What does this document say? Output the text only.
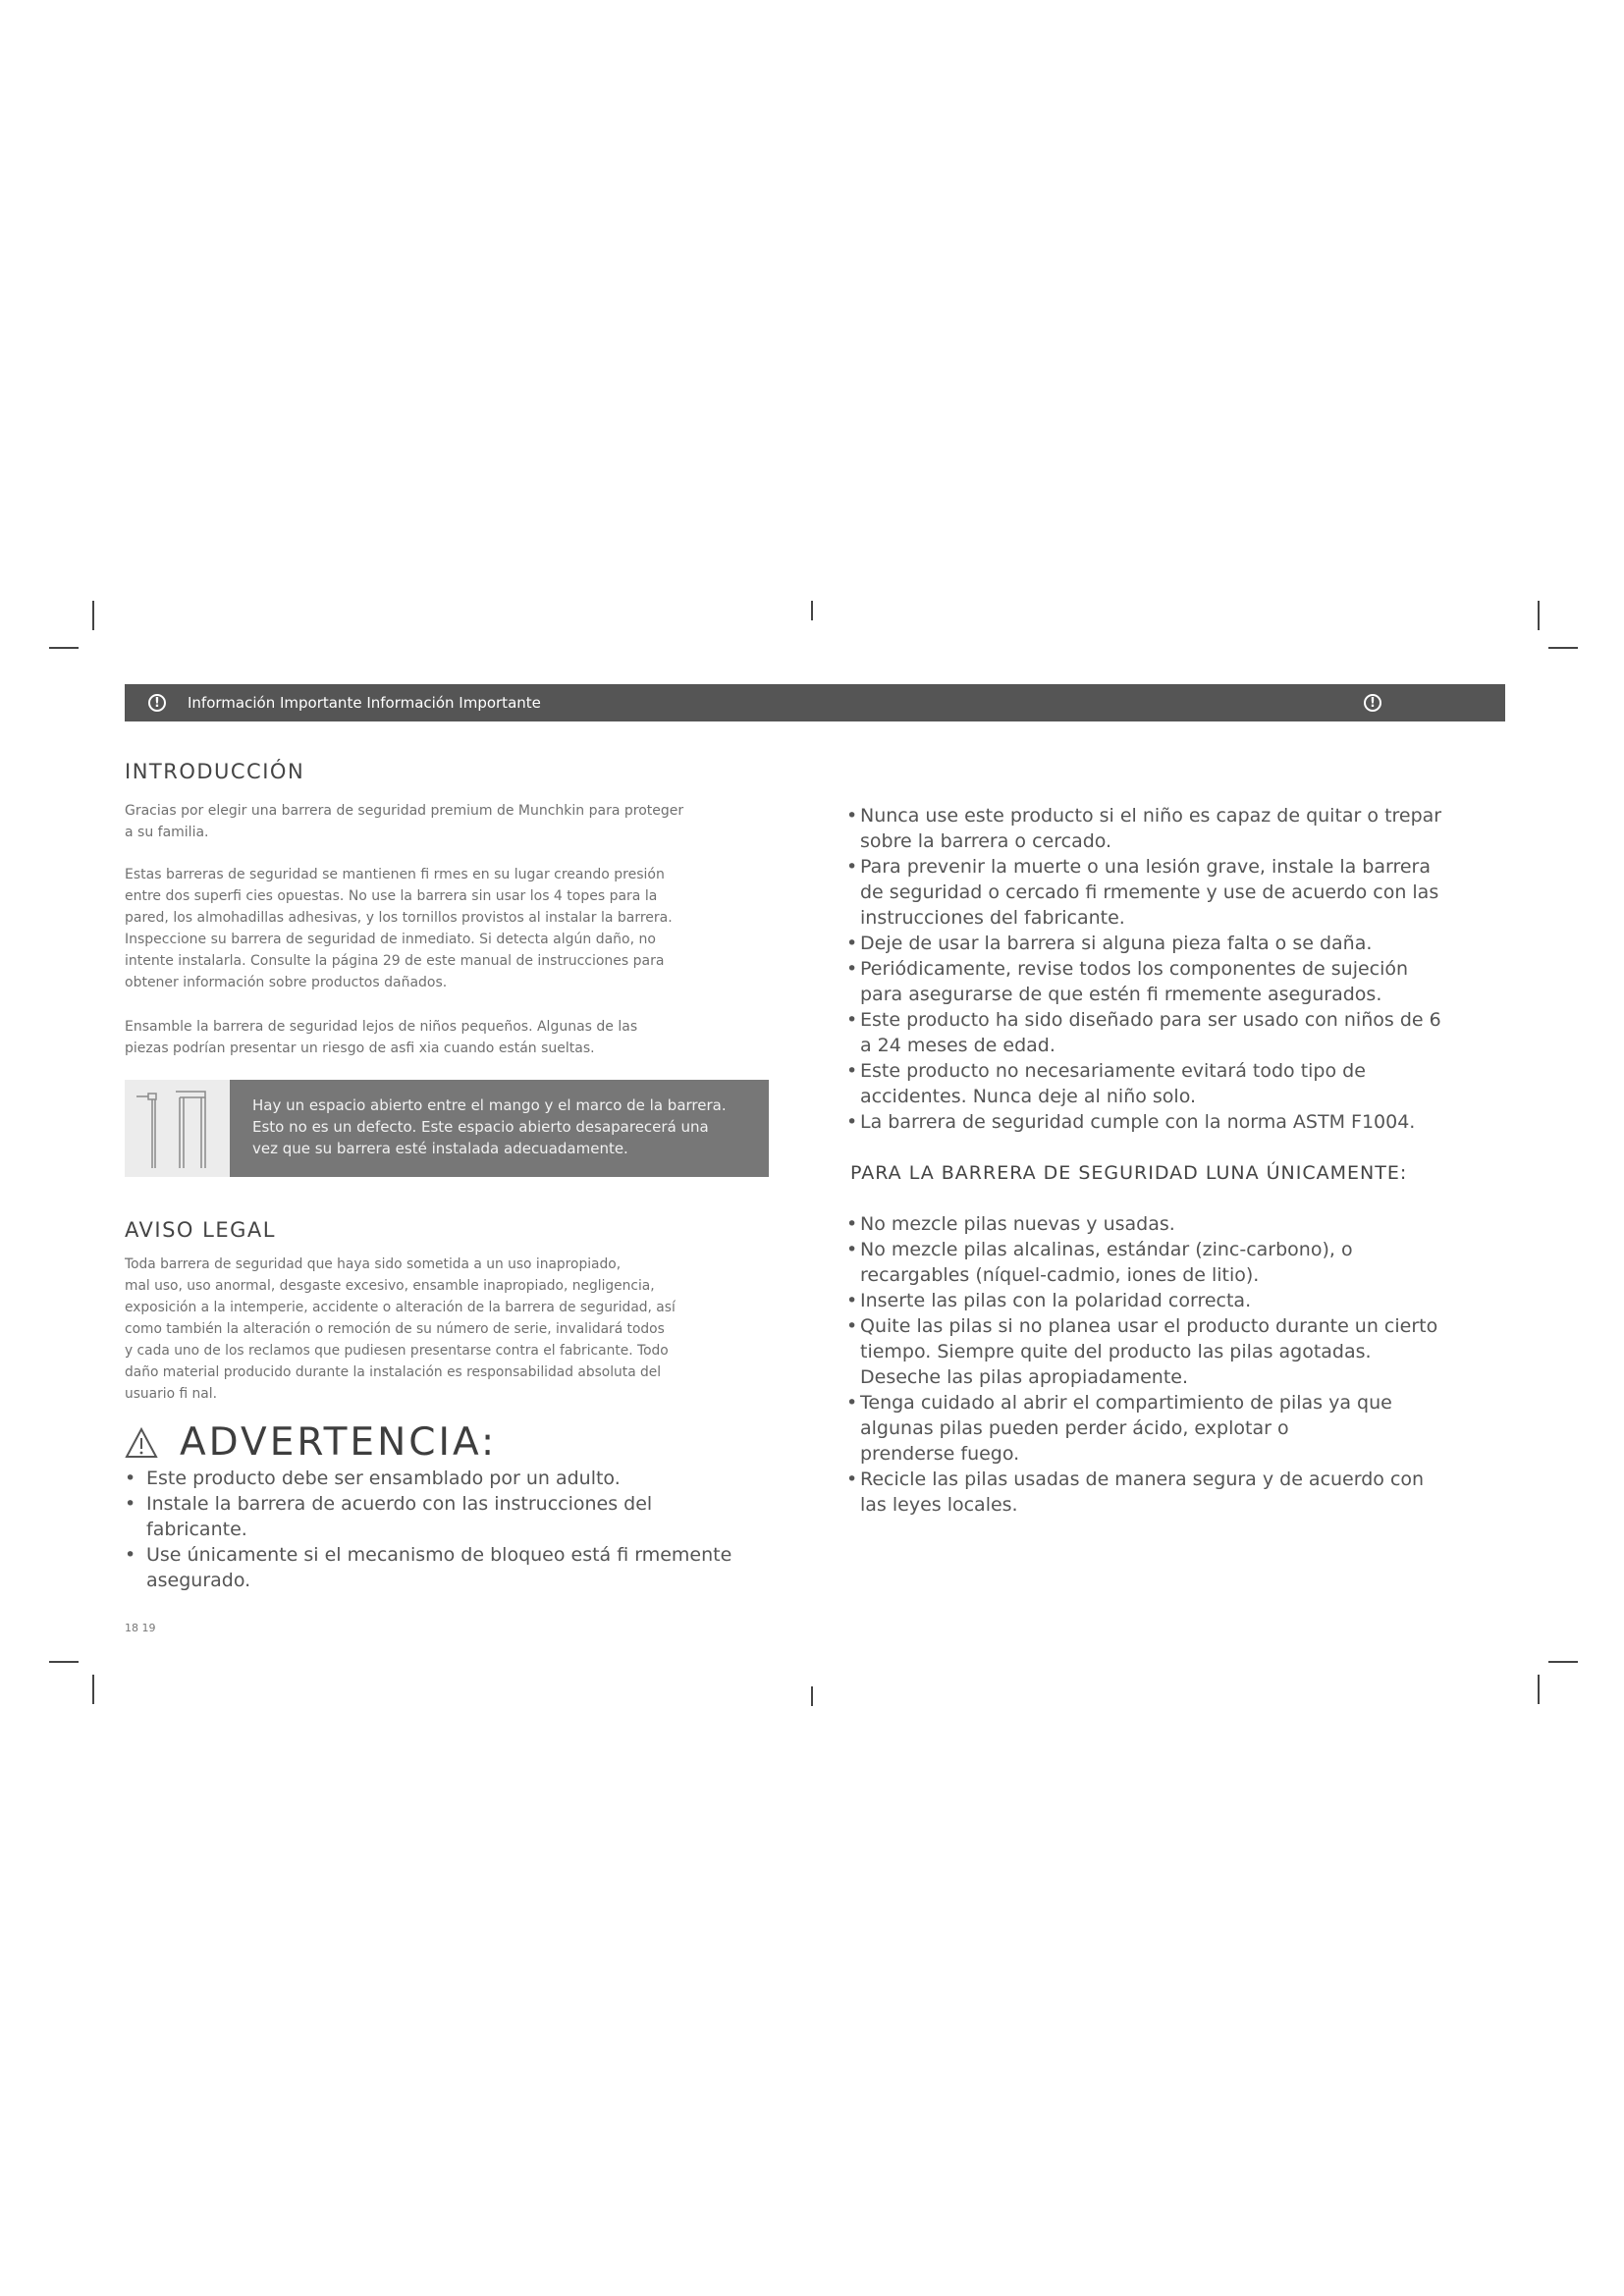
!	Información Importante Información Importante	!
INTRODUCCIÓN
Gracias por elegir una barrera de seguridad premium de Munchkin para proteger
a su familia.
Estas barreras de seguridad se mantienen fi rmes en su lugar creando presión
entre dos superfi cies opuestas. No use la barrera sin usar los 4 topes para la
pared, los almohadillas adhesivas, y los tornillos provistos al instalar la barrera.
Inspeccione su barrera de seguridad de inmediato. Si detecta algún daño, no
intente instalarla. Consulte la página 29 de este manual de instrucciones para
obtener información sobre productos dañados.
Ensamble la barrera de seguridad lejos de niños pequeños. Algunas de las
piezas podrían presentar un riesgo de asfi xia cuando están sueltas.
Hay un espacio abierto entre el mango y el marco de la barrera.
Esto no es un defecto. Este espacio abierto desaparecerá una
vez que su barrera esté instalada adecuadamente.
AVISO LEGAL
Toda barrera de seguridad que haya sido sometida a un uso inapropiado,
mal uso, uso anormal, desgaste excesivo, ensamble inapropiado, negligencia,
exposición a la intemperie, accidente o alteración de la barrera de seguridad, así
como también la alteración o remoción de su número de serie, invalidará todos
y cada uno de los reclamos que pudiesen presentarse contra el fabricante. Todo
daño material producido durante la instalación es responsabilidad absoluta del
usuario fi nal.
ADVERTENCIA:
• Este producto debe ser ensamblado por un adulto.
• Instale la barrera de acuerdo con las instrucciones del
fabricante.
• Use únicamente si el mecanismo de bloqueo está fi rmemente
asegurado.
• Nunca use este producto si el niño es capaz de quitar o trepar
sobre la barrera o cercado.
• Para prevenir la muerte o una lesión grave, instale la barrera
de seguridad o cercado fi rmemente y use de acuerdo con las
instrucciones del fabricante.
• Deje de usar la barrera si alguna pieza falta o se daña.
• Periódicamente, revise todos los componentes de sujeción
para asegurarse de que estén fi rmemente asegurados.
• Este producto ha sido diseñado para ser usado con niños de 6
a 24 meses de edad.
• Este producto no necesariamente evitará todo tipo de
accidentes. Nunca deje al niño solo.
• La barrera de seguridad cumple con la norma ASTM F1004.
PARA LA BARRERA DE SEGURIDAD LUNA ÚNICAMENTE:
• No mezcle pilas nuevas y usadas.
• No mezcle pilas alcalinas, estándar (zinc-carbono), o
recargables (níquel-cadmio, iones de litio).
• Inserte las pilas con la polaridad correcta.
• Quite las pilas si no planea usar el producto durante un cierto
tiempo. Siempre quite del producto las pilas agotadas.
Deseche las pilas apropiadamente.
• Tenga cuidado al abrir el compartimiento de pilas ya que
algunas pilas pueden perder ácido, explotar o
prenderse fuego.
• Recicle las pilas usadas de manera segura y de acuerdo con
las leyes locales.
18 19
